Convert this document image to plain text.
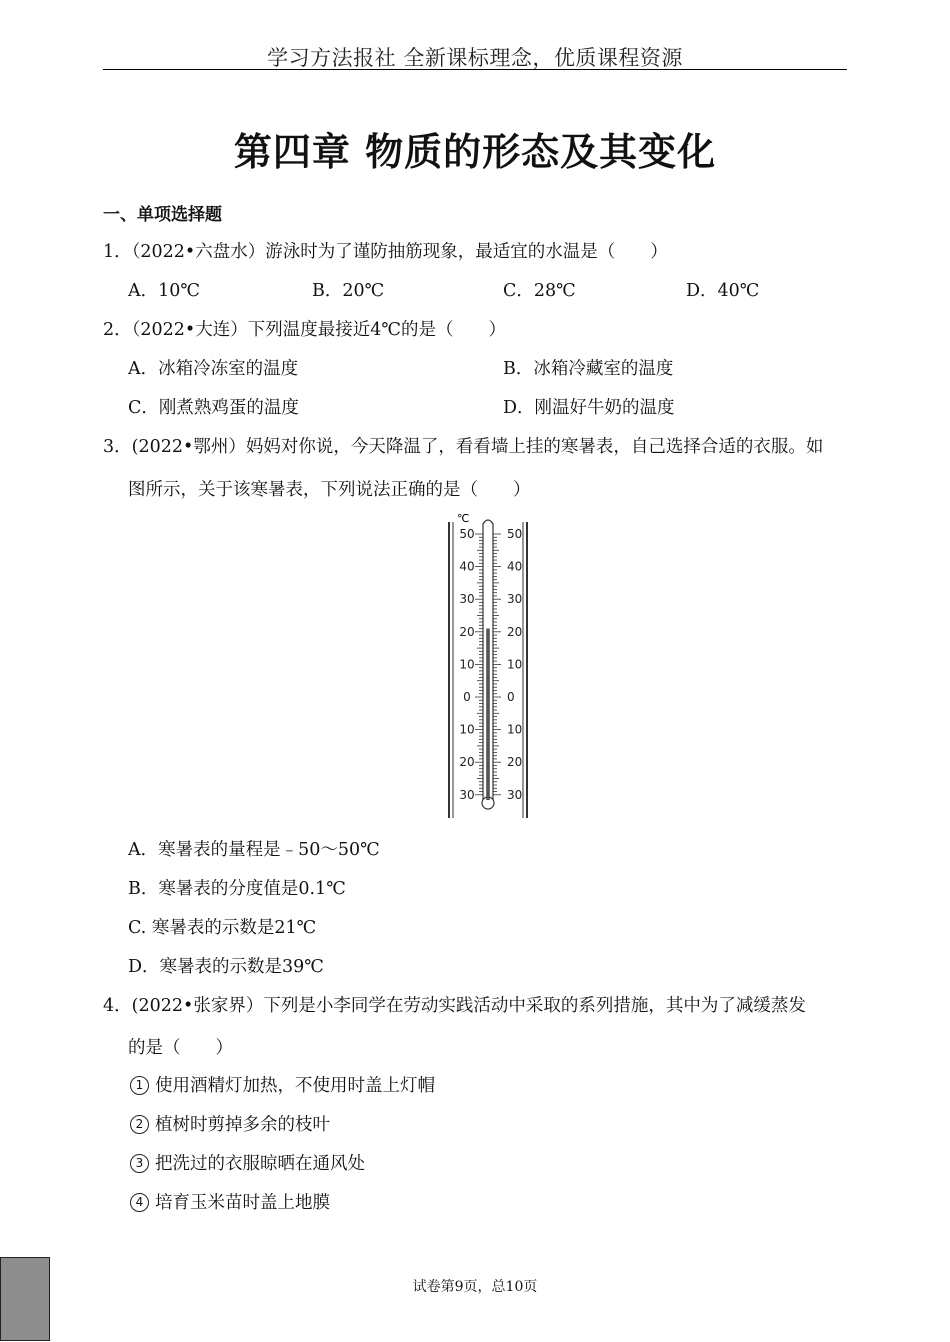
学习方法报社 全新课标理念，优质课程资源
第四章 物质的形态及其变化
一、单项选择题
1．（2022•六盘水）游泳时为了谨防抽筋现象，最适宜的水温是（　　）
A．10℃	B．20℃	C．28℃	D．40℃
2．（2022•大连）下列温度最接近4℃的是（　　）
A．冰箱冷冻室的温度	B．冰箱冷藏室的温度
C．刚煮熟鸡蛋的温度	D．刚温好牛奶的温度
3．(2022•鄂州）妈妈对你说，今天降温了，看看墙上挂的寒暑表，自己选择合适的衣服。如
图所示，关于该寒暑表，下列说法正确的是（　　）
℃
50	50
40	40
30	30
20	20
10	10
0	0
10	10
20	20
30	30
A．寒暑表的量程是﹣50～50℃
B．寒暑表的分度值是0.1℃
C. 寒暑表的示数是21℃
D．寒暑表的示数是39℃
4．(2022•张家界）下列是小李同学在劳动实践活动中采取的系列措施，其中为了减缓蒸发
的是（　　）
1 使用酒精灯加热，不使用时盖上灯帽
2 植树时剪掉多余的枝叶
3 把洗过的衣服晾晒在通风处
4 培育玉米苗时盖上地膜
试卷第9页，总10页
